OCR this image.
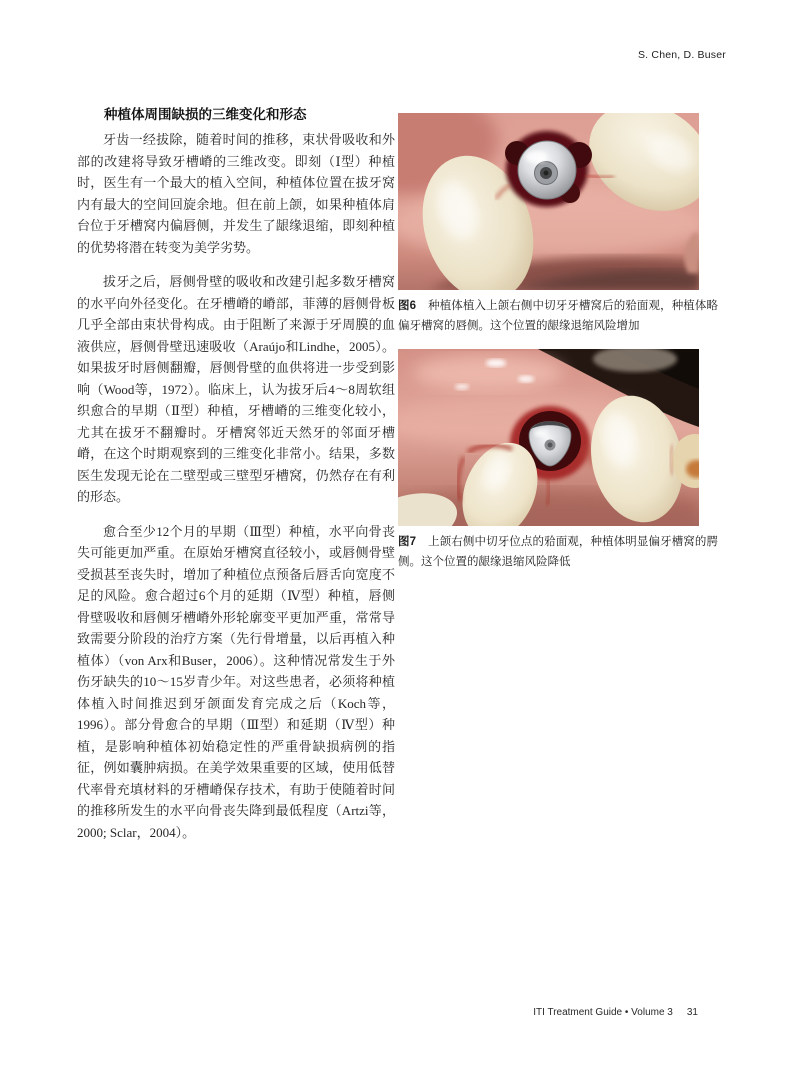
S. Chen, D. Buser
种植体周围缺损的三维变化和形态

牙齿一经拔除，随着时间的推移，束状骨吸收和外部的改建将导致牙槽嵴的三维改变。即刻（Ⅰ型）种植时，医生有一个最大的植入空间，种植体位置在拔牙窝内有最大的空间回旋余地。但在前上颌，如果种植体肩台位于牙槽窝内偏唇侧，并发生了龈缘退缩，即刻种植的优势将潜在转变为美学劣势。

拔牙之后，唇侧骨壁的吸收和改建引起多数牙槽窝的水平向外径变化。在牙槽嵴的嵴部，菲薄的唇侧骨板几乎全部由束状骨构成。由于阻断了来源于牙周膜的血液供应，唇侧骨壁迅速吸收（Araújo和Lindhe，2005）。如果拔牙时唇侧翻瓣，唇侧骨壁的血供将进一步受到影响（Wood等，1972）。临床上，认为拔牙后4～8周软组织愈合的早期（Ⅱ型）种植，牙槽嵴的三维变化较小，尤其在拔牙不翻瓣时。牙槽窝邻近天然牙的邻面牙槽嵴，在这个时期观察到的三维变化非常小。结果，多数医生发现无论在二壁型或三壁型牙槽窝，仍然存在有利的形态。

愈合至少12个月的早期（Ⅲ型）种植，水平向骨丧失可能更加严重。在原始牙槽窝直径较小，或唇侧骨壁受损甚至丧失时，增加了种植位点预备后唇舌向宽度不足的风险。愈合超过6个月的延期（Ⅳ型）种植，唇侧骨壁吸收和唇侧牙槽嵴外形轮廓变平更加严重，常常导致需要分阶段的治疗方案（先行骨增量，以后再植入种植体）（von Arx和Buser，2006）。这种情况常发生于外伤牙缺失的10～15岁青少年。对这些患者，必须将种植体植入时间推迟到牙颌面发育完成之后（Koch等，1996）。部分骨愈合的早期（Ⅲ型）和延期（Ⅳ型）种植，是影响种植体初始稳定性的严重骨缺损病例的指征，例如囊肿病损。在美学效果重要的区域，使用低替代率骨充填材料的牙槽嵴保存技术，有助于使随着时间的推移所发生的水平向骨丧失降到最低程度（Artzi等，2000; Sclar，2004）。

图6 种植体植入上颌右侧中切牙牙槽窝后的𬌗面观，种植体略偏牙槽窝的唇侧。这个位置的龈缘退缩风险增加
图7 上颌右侧中切牙位点的𬌗面观，种植体明显偏牙槽窝的腭侧。这个位置的龈缘退缩风险降低
ITI Treatment Guide • Volume 3 31
